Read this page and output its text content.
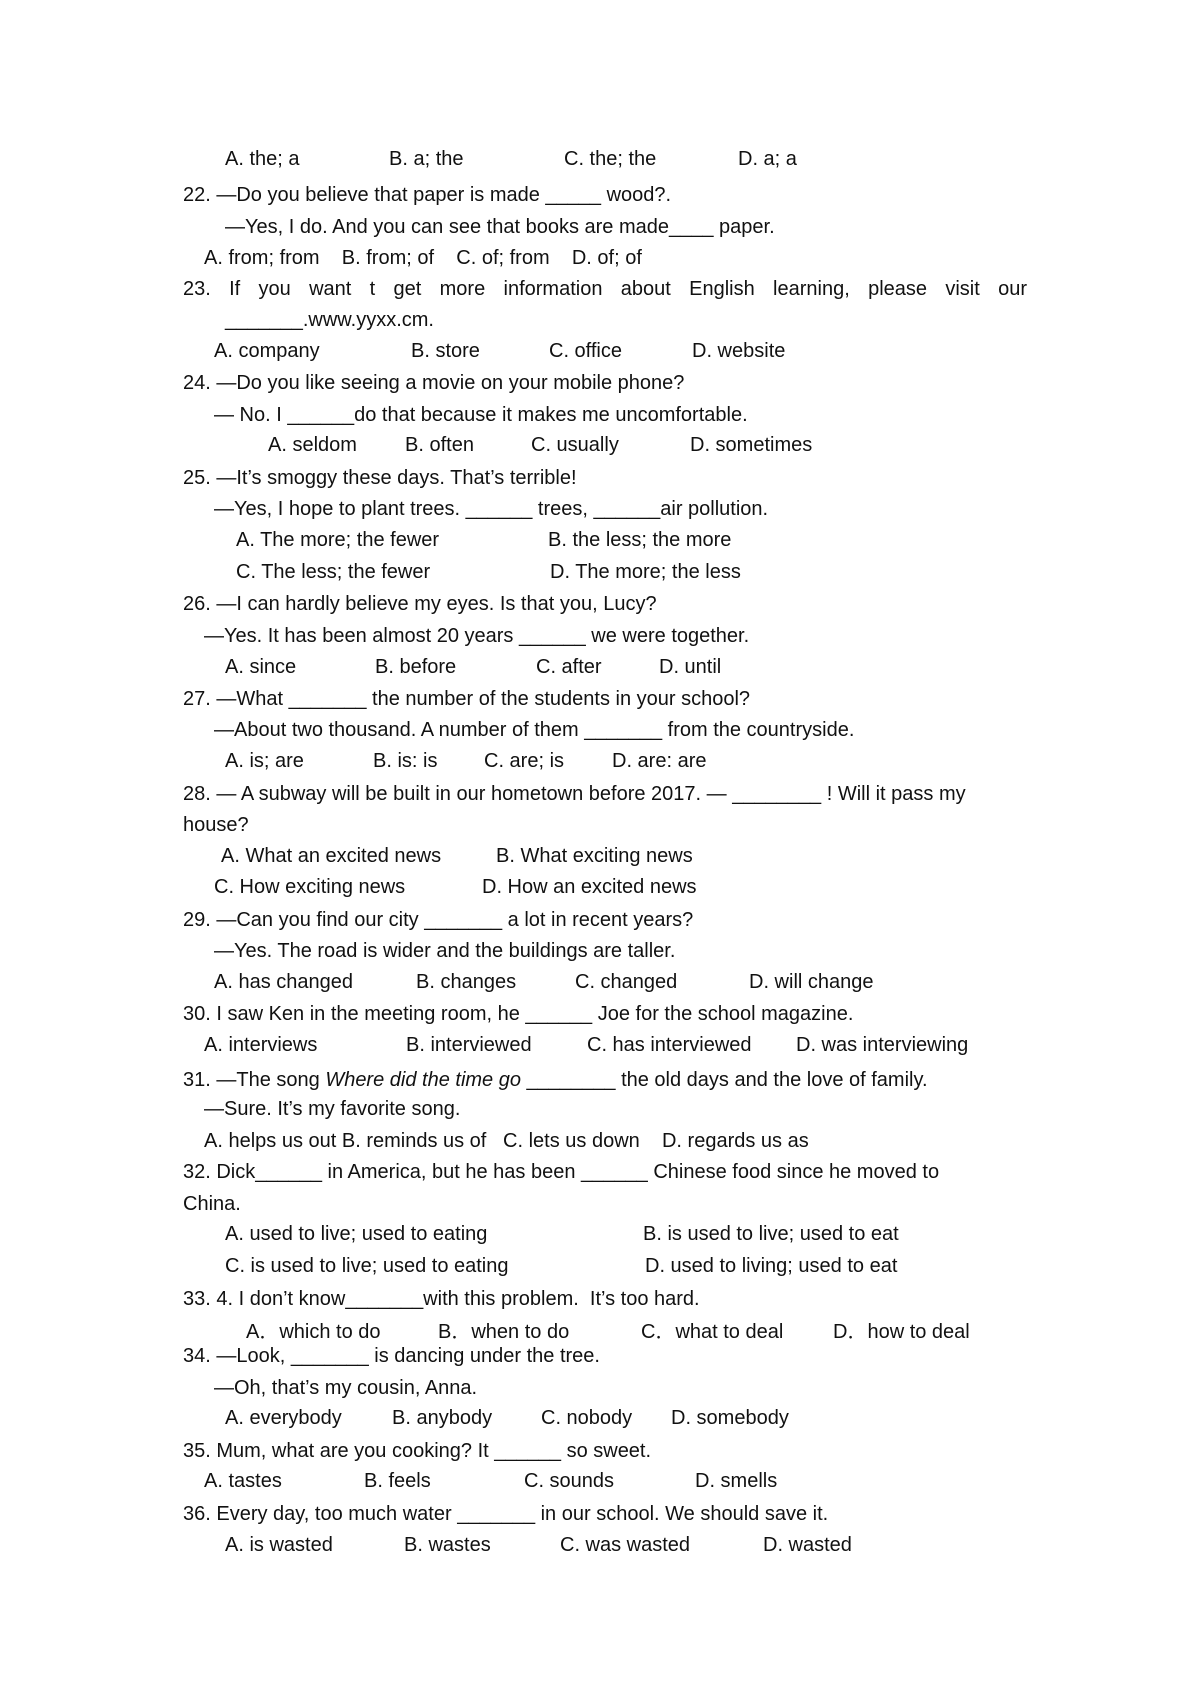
A. the; a	B. a; the	C. the; the	D. a; a
22. —Do you believe that paper is made _____ wood?.
—Yes, I do. And you can see that books are made____ paper.
A. from; from    B. from; of    C. of; from    D. of; of
23. If you want t get more information about English learning, please visit our
_______.www.yyxx.cm.
A. company	B. store	C. office	D. website
24. —Do you like seeing a movie on your mobile phone?
— No. I ______do that because it makes me uncomfortable.
A. seldom B. often	C. usually	D. sometimes
25. —It’s smoggy these days. That’s terrible!
—Yes, I hope to plant trees. ______ trees, ______air pollution.
A. The more; the fewer	B. the less; the more
C. The less; the fewer	D. The more; the less
26. —I can hardly believe my eyes. Is that you, Lucy?
—Yes. It has been almost 20 years ______ we were together.
A. since	B. before	C. after	D. until
27. —What _______ the number of the students in your school?
—About two thousand. A number of them _______ from the countryside.
A. is; are	B. is: is C. are; is D. are: are
28. — A subway will be built in our hometown before 2017. — ________ ! Will it pass my
house?
A. What an excited news	B. What exciting news
C. How exciting news	D. How an excited news
29. —Can you find our city _______ a lot in recent years?
—Yes. The road is wider and the buildings are taller.
A. has changed	B. changes	C. changed	D. will change
30. I saw Ken in the meeting room, he ______ Joe for the school magazine.
A. interviews	B. interviewed	C. has interviewed D. was interviewing
31. —The song Where did the time go ________ the old days and the love of family.
—Sure. It’s my favorite song.
A. helps us out B. reminds us of   C. lets us down    D. regards us as
32. Dick______ in America, but he has been ______ Chinese food since he moved to
China.
A. used to live; used to eating	B. is used to live; used to eat
C. is used to live; used to eating	D. used to living; used to eat
33. 4. I don’t know_______with this problem.  It’s too hard.
A．which to do	B．when to do	C．what to deal D．how to deal
34. —Look, _______ is dancing under the tree.
—Oh, that’s my cousin, Anna.
A. everybody	B. anybody C. nobody D. somebody
35. Mum, what are you cooking? It ______ so sweet.
A. tastes	B. feels	C. sounds	D. smells
36. Every day, too much water _______ in our school. We should save it.
A. is wasted	B. wastes	C. was wasted	D. wasted
